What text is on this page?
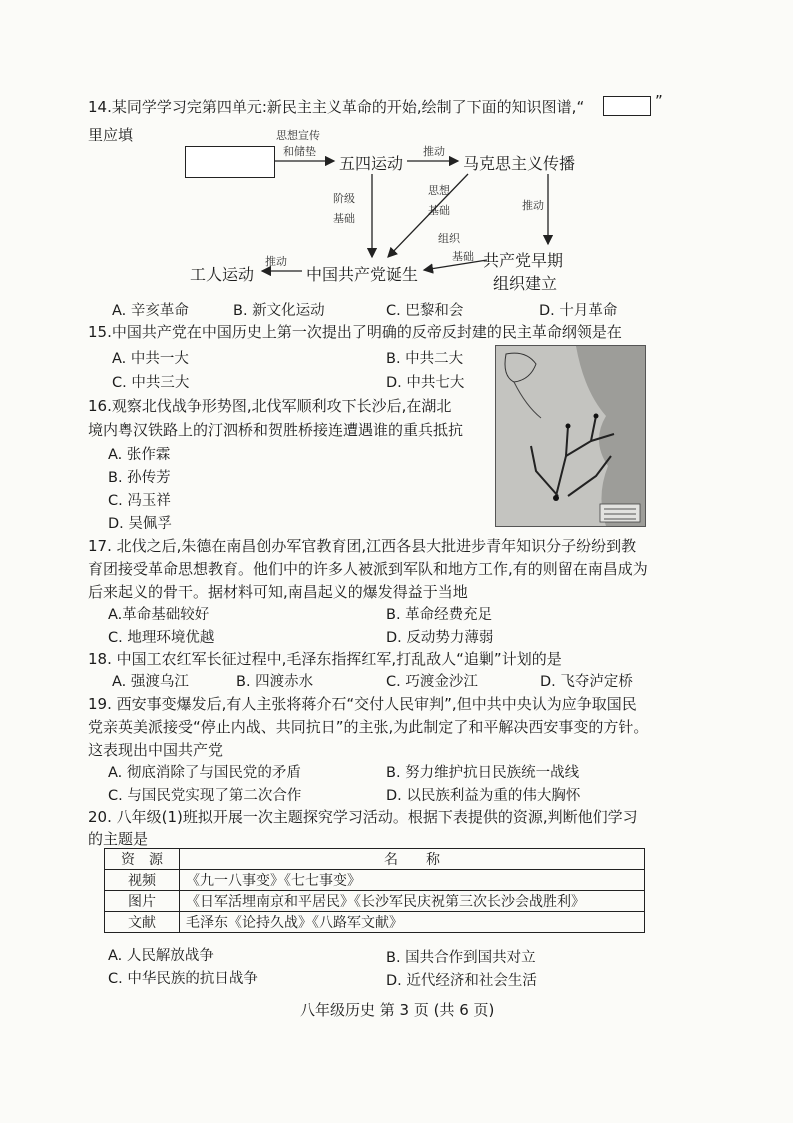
14.某同学学习完第四单元:新民主主义革命的开始,绘制了下面的知识图谱,“	”
里应填	思想宣传
和储垫
五四运动
推动
马克思主义传播
阶级
基础
思想
基础	推动
组织
基础
工人运动
推动
中国共产党诞生
共产党早期
组织建立
A. 辛亥革命	B. 新文化运动	C. 巴黎和会	D. 十月革命
15.中国共产党在中国历史上第一次提出了明确的反帝反封建的民主革命纲领是在
A. 中共一大	B. 中共二大
C. 中共三大	D. 中共七大
16.观察北伐战争形势图,北伐军顺利攻下长沙后,在湖北
境内粤汉铁路上的汀泗桥和贺胜桥接连遭遇谁的重兵抵抗
A. 张作霖
B. 孙传芳
C. 冯玉祥
D. 吴佩孚
17. 北伐之后,朱德在南昌创办军官教育团,江西各县大批进步青年知识分子纷纷到教
育团接受革命思想教育。他们中的许多人被派到军队和地方工作,有的则留在南昌成为
后来起义的骨干。据材料可知,南昌起义的爆发得益于当地
A.革命基础较好	B. 革命经费充足
C. 地理环境优越	D. 反动势力薄弱
18. 中国工农红军长征过程中,毛泽东指挥红军,打乱敌人“追剿”计划的是
A. 强渡乌江	B. 四渡赤水	C. 巧渡金沙江	D. 飞夺泸定桥
19. 西安事变爆发后,有人主张将蒋介石“交付人民审判”,但中共中央认为应争取国民
党亲英美派接受“停止内战、共同抗日”的主张,为此制定了和平解决西安事变的方针。
这表现出中国共产党
A. 彻底消除了与国民党的矛盾	B. 努力维护抗日民族统一战线
C. 与国民党实现了第二次合作	D. 以民族利益为重的伟大胸怀
20. 八年级(1)班拟开展一次主题探究学习活动。根据下表提供的资源,判断他们学习
的主题是
资　源	名　　称
视频	《九一八事变》《七七事变》
图片	《日军活埋南京和平居民》《长沙军民庆祝第三次长沙会战胜利》
文献	毛泽东《论持久战》《八路军文献》
A. 人民解放战争	B. 国共合作到国共对立
C. 中华民族的抗日战争	D. 近代经济和社会生活
八年级历史 第 3 页 (共 6 页)
